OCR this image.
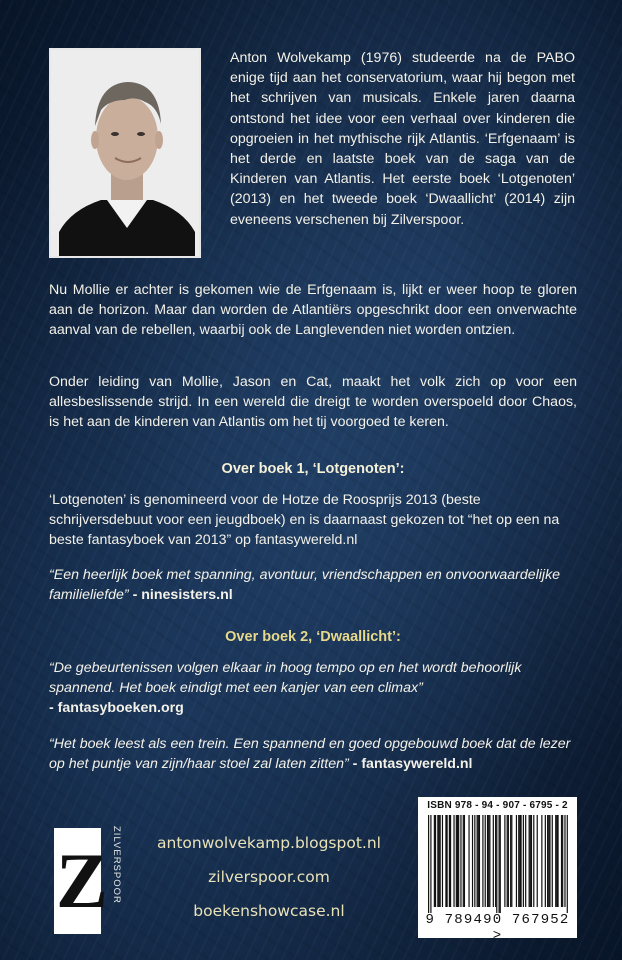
Anton Wolvekamp (1976) studeerde na de PABO enige tijd aan het conservatorium, waar hij begon met het schrijven van musicals. Enkele jaren daarna ontstond het idee voor een verhaal over kinderen die opgroeien in het mythische rijk Atlantis. ‘Erfgenaam’ is het derde en laatste boek van de saga van de Kinderen van Atlantis. Het eerste boek ‘Lotgenoten’ (2013) en het tweede boek ‘Dwaallicht’ (2014) zijn eveneens verschenen bij Zilverspoor.

Nu Mollie er achter is gekomen wie de Erfgenaam is, lijkt er weer hoop te gloren aan de horizon. Maar dan worden de Atlantiërs opgeschrikt door een onverwachte aanval van de rebellen, waarbij ook de Langlevenden niet worden ontzien.

Onder leiding van Mollie, Jason en Cat, maakt het volk zich op voor een allesbeslissende strijd. In een wereld die dreigt te worden overspoeld door Chaos, is het aan de kinderen van Atlantis om het tij voorgoed te keren.

Over boek 1, ‘Lotgenoten’:

‘Lotgenoten’ is genomineerd voor de Hotze de Roosprijs 2013 (beste schrijversdebuut voor een jeugdboek) en is daarnaast gekozen tot “het op een na beste fantasyboek van 2013” op fantasywereld.nl

“Een heerlijk boek met spanning, avontuur, vriendschappen en onvoorwaardelijke familieliefde” - ninesisters.nl

Over boek 2, ‘Dwaallicht’:

“De gebeurtenissen volgen elkaar in hoog tempo op en het wordt behoorlijk spannend. Het boek eindigt met een kanjer van een climax”
- fantasyboeken.org

“Het boek leest als een trein. Een spannend en goed opgebouwd boek dat de lezer op het puntje van zijn/haar stoel zal laten zitten” - fantasywereld.nl

Z ZILVERSPOOR	antonwolvekamp.blogspot.nl
zilverspoor.com
boekenshowcase.nl
ISBN 978 - 94 - 907 - 6795 - 2
9 789490 767952 >
